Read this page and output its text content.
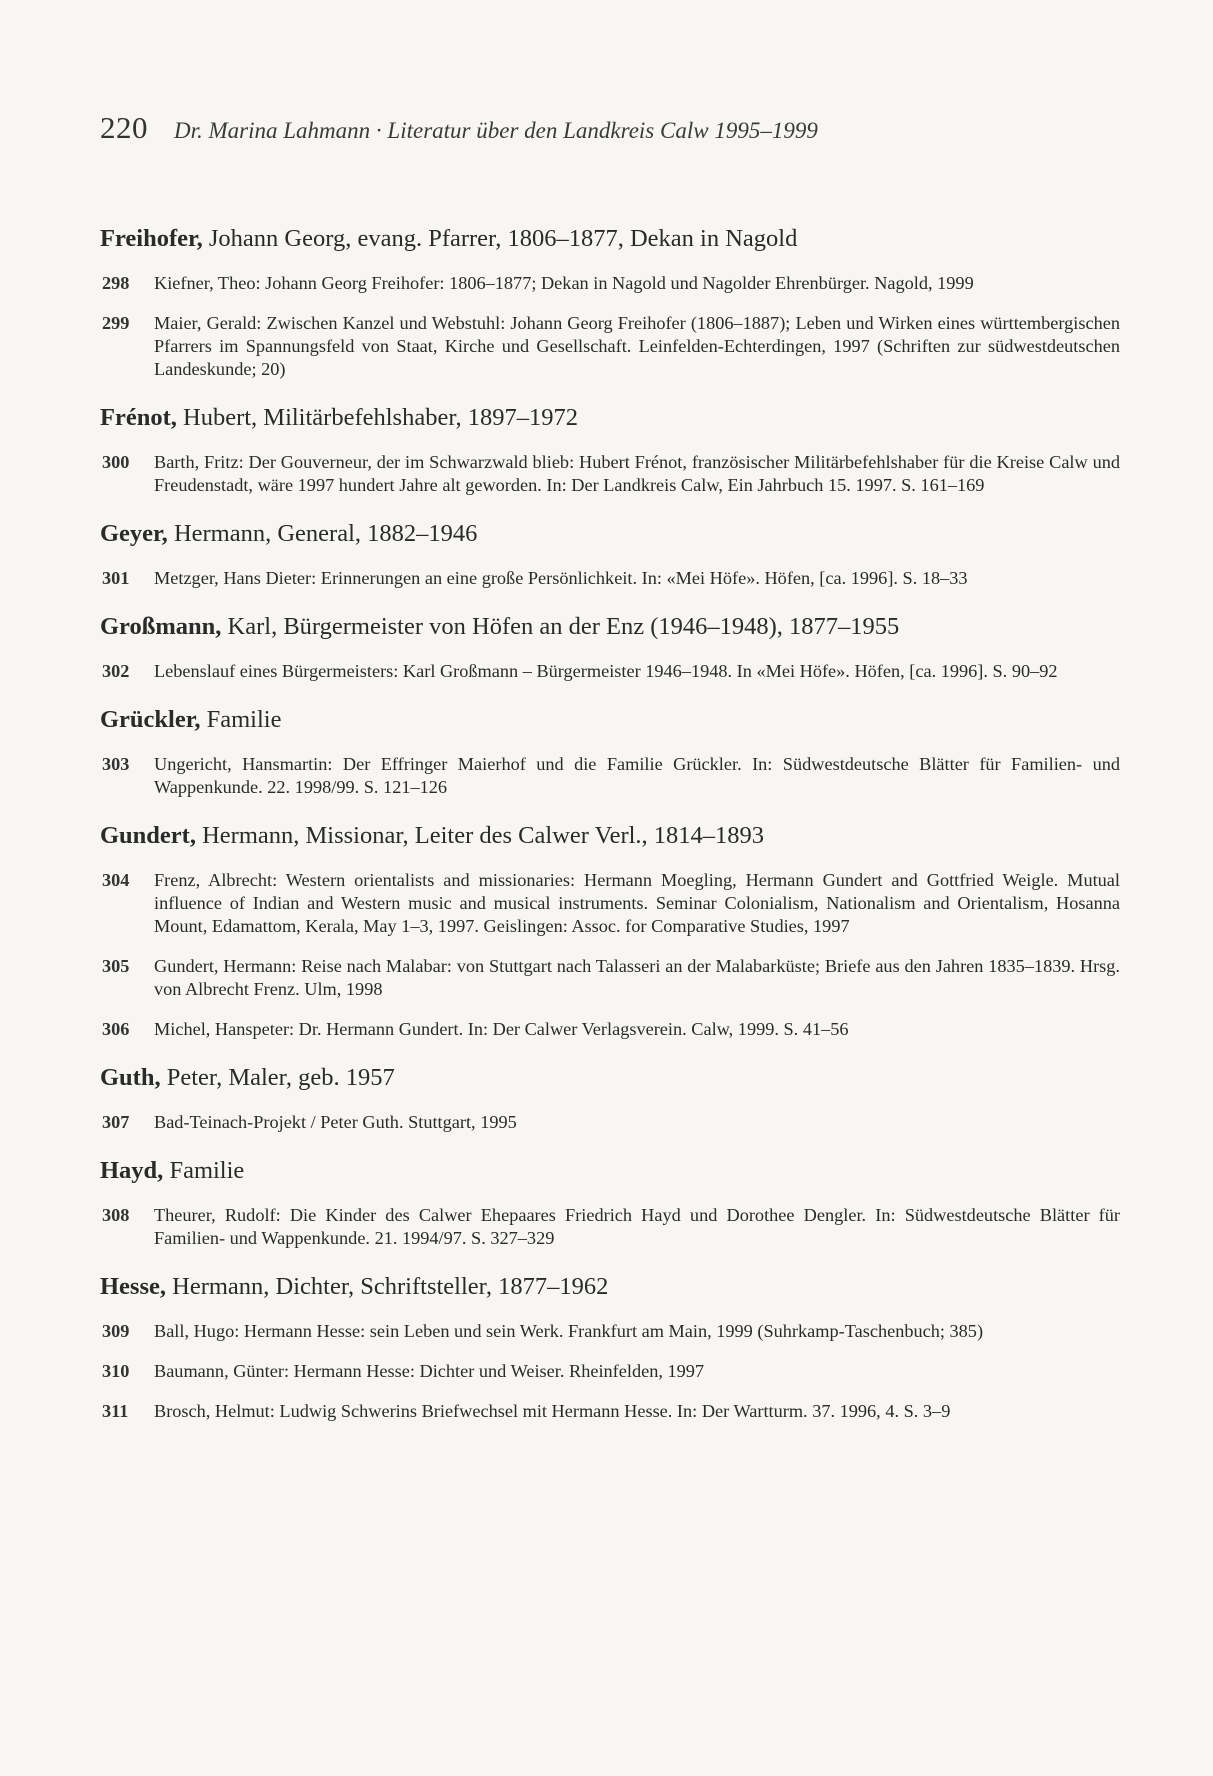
220 Dr. Marina Lahmann · Literatur über den Landkreis Calw 1995–1999
Freihofer, Johann Georg, evang. Pfarrer, 1806–1877, Dekan in Nagold
298	Kiefner, Theo: Johann Georg Freihofer: 1806–1877; Dekan in Nagold und Nagolder Ehrenbürger. Nagold, 1999
299	Maier, Gerald: Zwischen Kanzel und Webstuhl: Johann Georg Freihofer (1806–1887); Leben und Wirken eines württembergischen Pfarrers im Spannungsfeld von Staat, Kirche und Gesellschaft. Leinfelden-Echterdingen, 1997 (Schriften zur südwestdeutschen Landeskunde; 20)
Frénot, Hubert, Militärbefehlshaber, 1897–1972
300	Barth, Fritz: Der Gouverneur, der im Schwarzwald blieb: Hubert Frénot, französischer Militärbefehlshaber für die Kreise Calw und Freudenstadt, wäre 1997 hundert Jahre alt geworden. In: Der Landkreis Calw, Ein Jahrbuch 15. 1997. S. 161–169
Geyer, Hermann, General, 1882–1946
301	Metzger, Hans Dieter: Erinnerungen an eine große Persönlichkeit. In: «Mei Höfe». Höfen, [ca. 1996]. S. 18–33
Großmann, Karl, Bürgermeister von Höfen an der Enz (1946–1948), 1877–1955
302	Lebenslauf eines Bürgermeisters: Karl Großmann – Bürgermeister 1946–1948. In «Mei Höfe». Höfen, [ca. 1996]. S. 90–92
Grückler, Familie
303	Ungericht, Hansmartin: Der Effringer Maierhof und die Familie Grückler. In: Südwestdeutsche Blätter für Familien- und Wappenkunde. 22. 1998/99. S. 121–126
Gundert, Hermann, Missionar, Leiter des Calwer Verl., 1814–1893
304	Frenz, Albrecht: Western orientalists and missionaries: Hermann Moegling, Hermann Gundert and Gottfried Weigle. Mutual influence of Indian and Western music and musical instruments. Seminar Colonialism, Nationalism and Orientalism, Hosanna Mount, Edamattom, Kerala, May 1–3, 1997. Geislingen: Assoc. for Comparative Studies, 1997
305	Gundert, Hermann: Reise nach Malabar: von Stuttgart nach Talasseri an der Malabarküste; Briefe aus den Jahren 1835–1839. Hrsg. von Albrecht Frenz. Ulm, 1998
306	Michel, Hanspeter: Dr. Hermann Gundert. In: Der Calwer Verlagsverein. Calw, 1999. S. 41–56
Guth, Peter, Maler, geb. 1957
307	Bad-Teinach-Projekt / Peter Guth. Stuttgart, 1995
Hayd, Familie
308	Theurer, Rudolf: Die Kinder des Calwer Ehepaares Friedrich Hayd und Dorothee Dengler. In: Südwestdeutsche Blätter für Familien- und Wappenkunde. 21. 1994/97. S. 327–329
Hesse, Hermann, Dichter, Schriftsteller, 1877–1962
309	Ball, Hugo: Hermann Hesse: sein Leben und sein Werk. Frankfurt am Main, 1999 (Suhrkamp-Taschenbuch; 385)
310	Baumann, Günter: Hermann Hesse: Dichter und Weiser. Rheinfelden, 1997
311	Brosch, Helmut: Ludwig Schwerins Briefwechsel mit Hermann Hesse. In: Der Wartturm. 37. 1996, 4. S. 3–9
